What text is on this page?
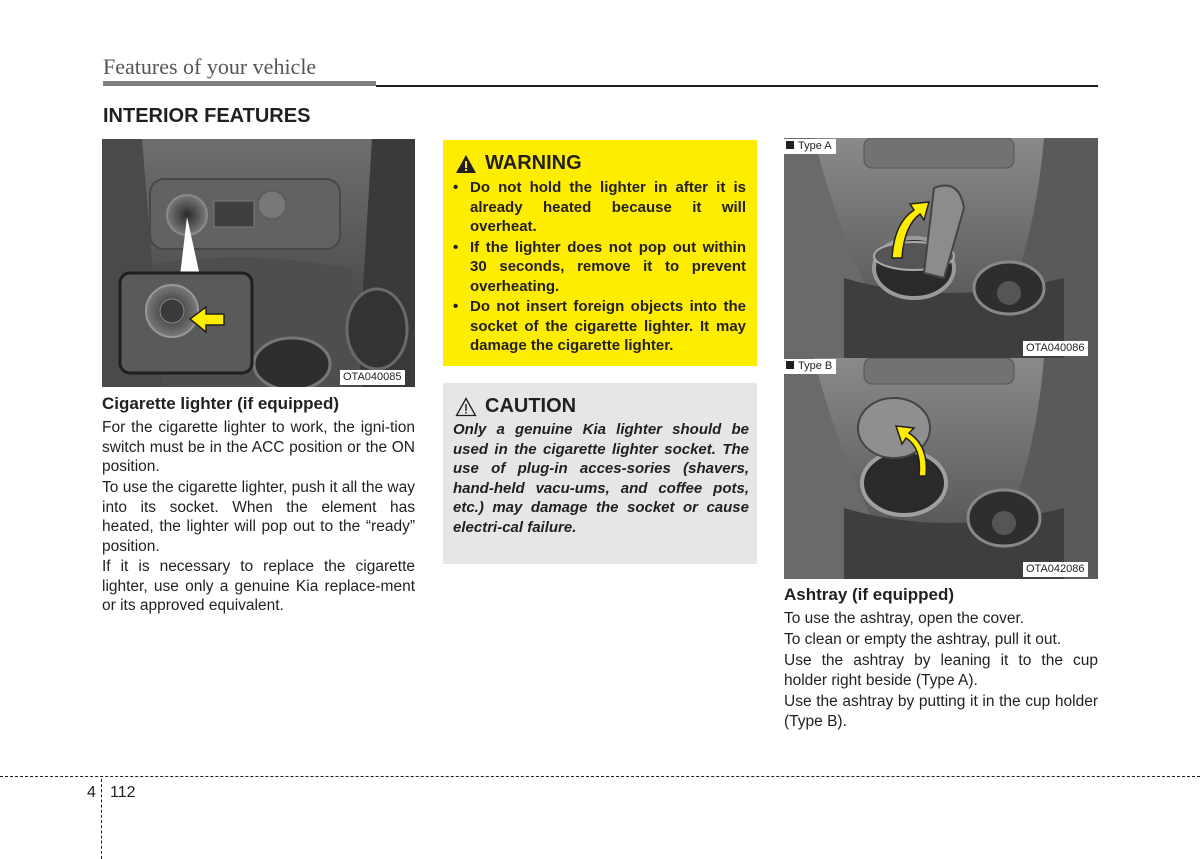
Features of your vehicle
INTERIOR FEATURES
OTA040085
Cigarette lighter (if equipped)
For the cigarette lighter to work, the igni-tion switch must be in the ACC position or the ON position.
To use the cigarette lighter, push it all the way into its socket. When the element has heated, the lighter will pop out to the “ready” position.
If it is necessary to replace the cigarette lighter, use only a genuine Kia replace-ment or its approved equivalent.
WARNING
• Do not hold the lighter in after it is already heated because it will overheat.
• If the lighter does not pop out within 30 seconds, remove it to prevent overheating.
• Do not insert foreign objects into the socket of the cigarette lighter. It may damage the cigarette lighter.
CAUTION
Only a genuine Kia lighter should be used in the cigarette lighter socket. The use of plug-in acces-sories (shavers, hand-held vacu-ums, and coffee pots, etc.) may damage the socket or cause electri-cal failure.
Type A
OTA040086
Type B
OTA042086
Ashtray (if equipped)
To use the ashtray, open the cover.
To clean or empty the ashtray, pull it out.
Use the ashtray by leaning it to the cup holder right beside (Type A).
Use the ashtray by putting it in the cup holder (Type B).
4 112
